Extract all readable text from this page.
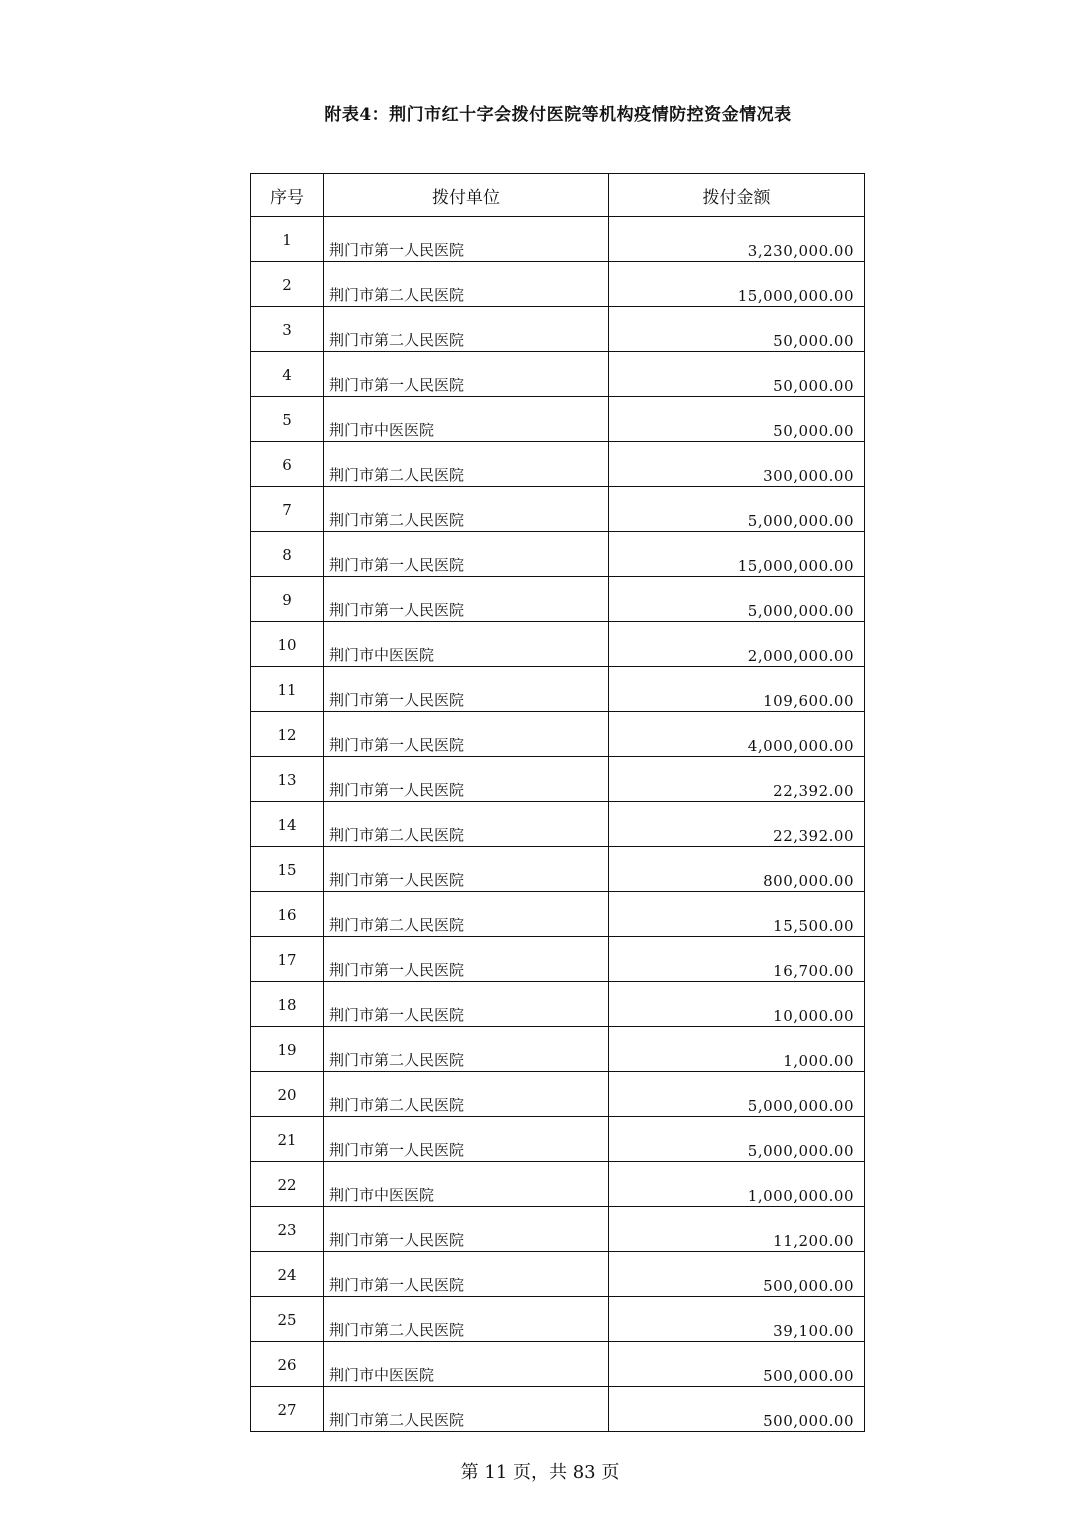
附表4：荆门市红十字会拨付医院等机构疫情防控资金情况表
序号	拨付单位	拨付金额
1	荆门市第一人民医院	3,230,000.00
2	荆门市第二人民医院	15,000,000.00
3	荆门市第二人民医院	50,000.00
4	荆门市第一人民医院	50,000.00
5	荆门市中医医院	50,000.00
6	荆门市第二人民医院	300,000.00
7	荆门市第二人民医院	5,000,000.00
8	荆门市第一人民医院	15,000,000.00
9	荆门市第一人民医院	5,000,000.00
10	荆门市中医医院	2,000,000.00
11	荆门市第一人民医院	109,600.00
12	荆门市第一人民医院	4,000,000.00
13	荆门市第一人民医院	22,392.00
14	荆门市第二人民医院	22,392.00
15	荆门市第一人民医院	800,000.00
16	荆门市第二人民医院	15,500.00
17	荆门市第一人民医院	16,700.00
18	荆门市第一人民医院	10,000.00
19	荆门市第二人民医院	1,000.00
20	荆门市第二人民医院	5,000,000.00
21	荆门市第一人民医院	5,000,000.00
22	荆门市中医医院	1,000,000.00
23	荆门市第一人民医院	11,200.00
24	荆门市第一人民医院	500,000.00
25	荆门市第二人民医院	39,100.00
26	荆门市中医医院	500,000.00
27	荆门市第二人民医院	500,000.00
第 11 页，共 83 页
